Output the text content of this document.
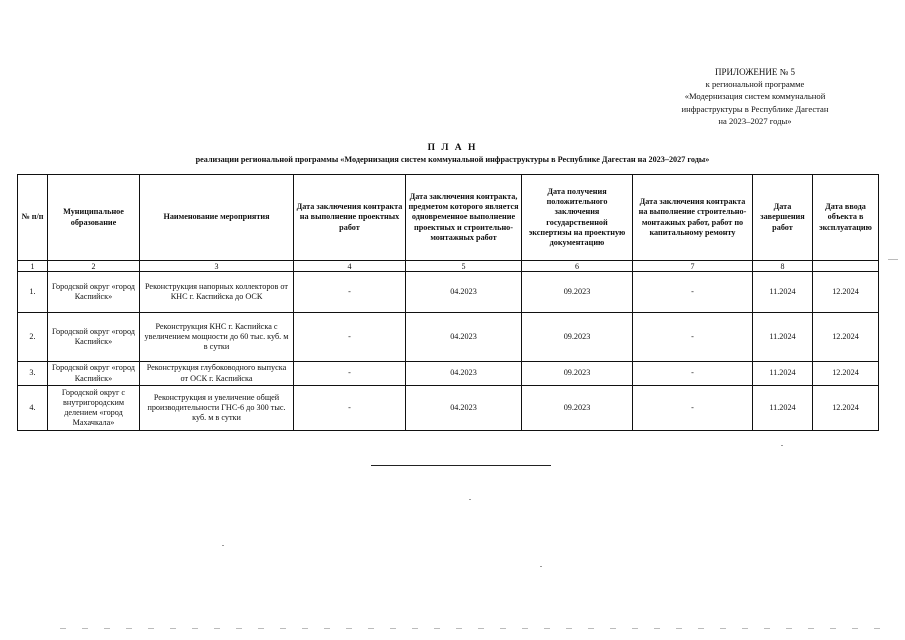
ПРИЛОЖЕНИЕ № 5
к региональной программе
«Модернизация систем коммунальной
инфраструктуры в Республике Дагестан
на 2023–2027 годы»
П Л А Н
реализации региональной программы «Модернизация систем коммунальной инфраструктуры в Республике Дагестан на 2023–2027 годы»
№ п/п	Муниципальное образование	Наименование мероприятия	Дата заключения контракта на выполнение проектных работ	Дата заключения контракта, предметом которого является одновременное выполнение проектных и строительно-монтажных работ	Дата получения положительного заключения государственной экспертизы на проектную документацию	Дата заключения контракта на выполнение строительно-монтажных работ, работ по капитальному ремонту	Дата завершения работ	Дата ввода объекта в эксплуатацию
1	2	3	4	5	6	7	8	
1.	Городской округ «город Каспийск»	Реконструкция напорных коллекторов от КНС г. Каспийска до ОСК	-	04.2023	09.2023	-	11.2024	12.2024
2.	Городской округ «город Каспийск»	Реконструкция КНС г. Каспийска с увеличением мощности до 60 тыс. куб. м в сутки	-	04.2023	09.2023	-	11.2024	12.2024
3.	Городской округ «город Каспийск»	Реконструкция глубоководного выпуска от ОСК г. Каспийска	-	04.2023	09.2023	-	11.2024	12.2024
4.	Городской округ с внутригородским делением «город Махачкала»	Реконструкция и увеличение общей производительности ГНС-6 до 300 тыс. куб. м в сутки	-	04.2023	09.2023	-	11.2024	12.2024
